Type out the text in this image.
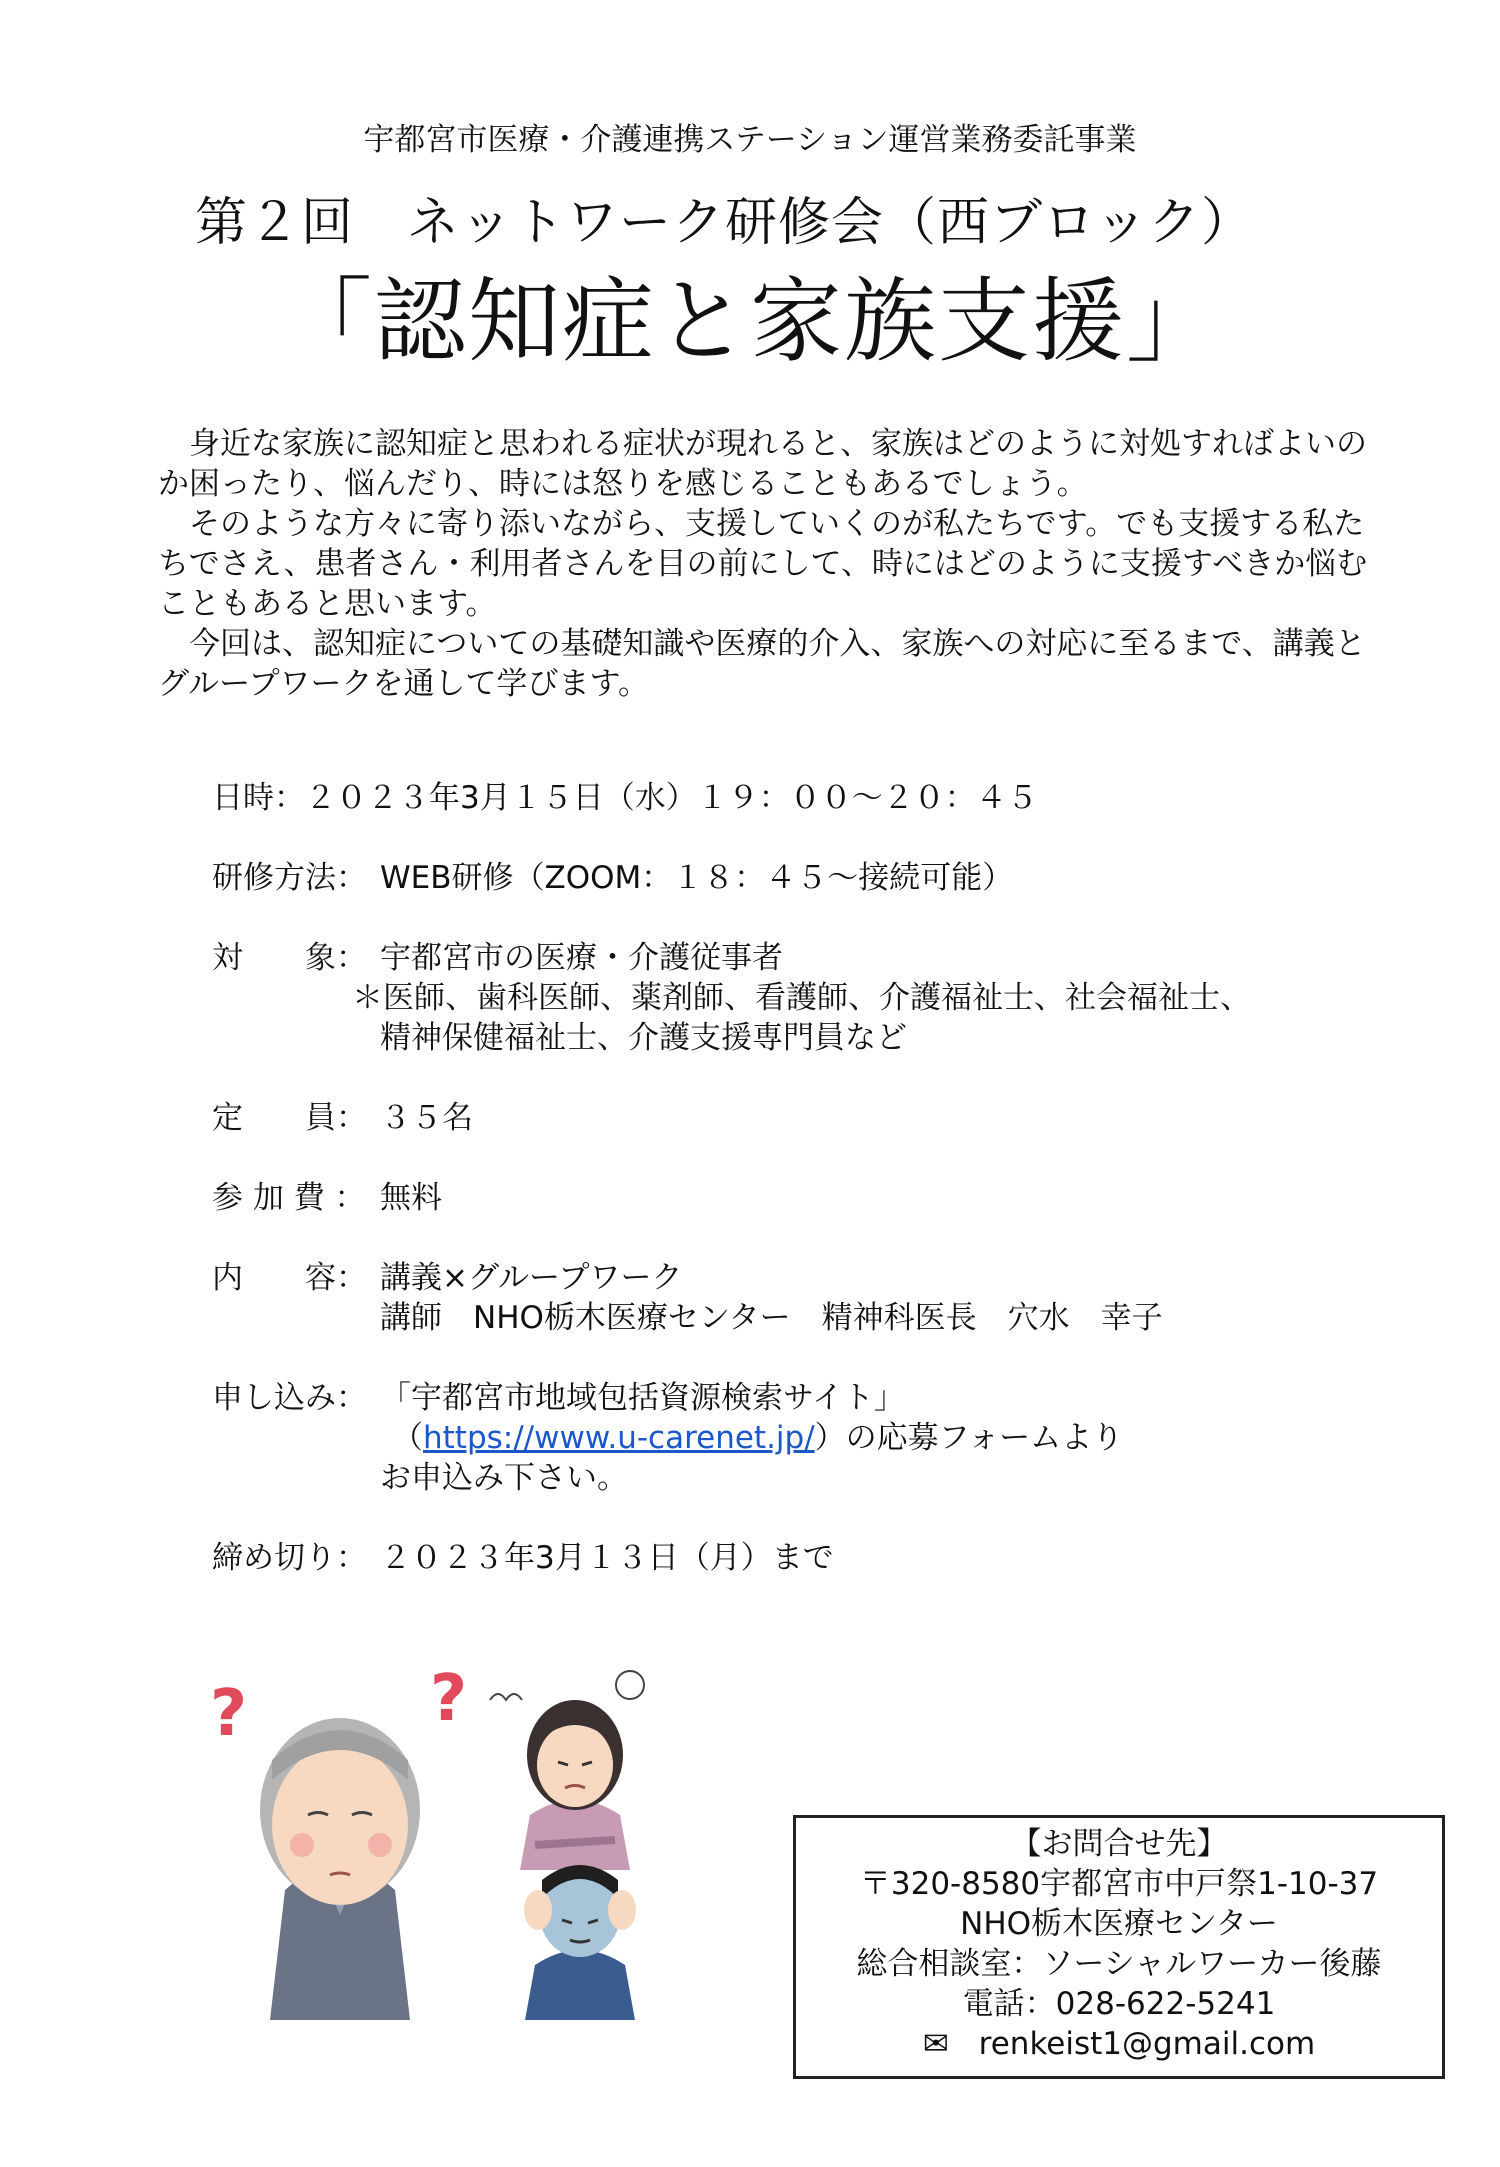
宇都宮市医療・介護連携ステーション運営業務委託事業
第２回　ネットワーク研修会（西ブロック）
「認知症と家族支援」

身近な家族に認知症と思われる症状が現れると、家族はどのように対処すればよいのか困ったり、悩んだり、時には怒りを感じることもあるでしょう。

そのような方々に寄り添いながら、支援していくのが私たちです。でも支援する私たちでさえ、患者さん・利用者さんを目の前にして、時にはどのように支援すべきか悩むこともあると思います。

今回は、認知症についての基礎知識や医療的介入、家族への対応に至るまで、講義とグループワークを通して学びます。

日時：２０２３年3月１５日（水）１９：００～２０：４５
研修方法： WEB研修（ZOOM：１８：４５～接続可能）
対　　象： 宇都宮市の医療・介護従事者
＊医師、歯科医師、薬剤師、看護師、介護福祉士、社会福祉士、
精神保健福祉士、介護支援専門員など
定　　員： ３５名
参 加 費 ： 無料
内　　容： 講義×グループワーク
講師　NHO栃木医療センター　精神科医長　穴水　幸子
申し込み： 「宇都宮市地域包括資源検索サイト」
（https://www.u-carenet.jp/）の応募フォームより
お申込み下さい。
締め切り： ２０２３年3月１３日（月）まで
?	?
【お問合せ先】
〒320-8580宇都宮市中戸祭1-10-37
NHO栃木医療センター
総合相談室：ソーシャルワーカー後藤
電話：028-622-5241
✉ renkeist1@gmail.com
